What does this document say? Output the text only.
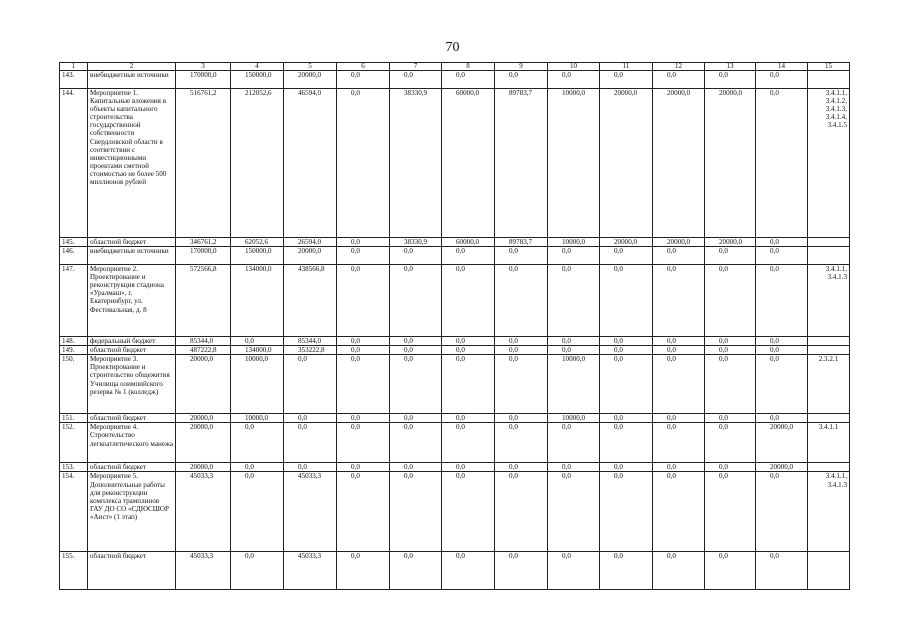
70
1	2	3	4	5	6	7	8	9	10	11	12	13	14	15
143.	внебюджетные источники	170000,0	150000,0	20000,0	0,0	0,0	0,0	0,0	0,0	0,0	0,0	0,0	0,0	
144.	Мероприятие 1. Капитальные вложения в объекты капитального строительства государственной собственности Свердловской области в соответствии с инвестиционными проектами сметной стоимостью не более 500 миллионов рублей	516761,2	212052,6	46594,0	0,0	38330,9	60000,0	89783,7	10000,0	20000,0	20000,0	20000,0	0,0	3.4.1.1, 3.4.1.2, 3.4.1.3, 3.4.1.4, 3.4.1.5
145.	областной бюджет	346761,2	62052,6	26594,0	0,0	38330,9	60000,0	89783,7	10000,0	20000,0	20000,0	20000,0	0,0	
146.	внебюджетные источники	170000,0	150000,0	20000,0	0,0	0,0	0,0	0,0	0,0	0,0	0,0	0,0	0,0	
147.	Мероприятие 2. Проектирование и реконструкция стадиона «Уралмаш», г. Екатеринбург, ул. Фестивальная, д. 8	572566,8	134000,0	438566,8	0,0	0,0	0,0	0,0	0,0	0,0	0,0	0,0	0,0	3.4.1.1, 3.4.1.3
148.	федеральный бюджет	85344,0	0,0	85344,0	0,0	0,0	0,0	0,0	0,0	0,0	0,0	0,0	0,0	
149.	областной бюджет	487222,8	134000,0	353222,8	0,0	0,0	0,0	0,0	0,0	0,0	0,0	0,0	0,0	
150.	Мероприятие 3. Проектирование и строительство общежития Училища олимпийского резерва № 1 (колледж)	20000,0	10000,0	0,0	0,0	0,0	0,0	0,0	10000,0	0,0	0,0	0,0	0,0	2.3.2.1
151.	областной бюджет	20000,0	10000,0	0,0	0,0	0,0	0,0	0,0	10000,0	0,0	0,0	0,0	0,0	
152.	Мероприятие 4. Строительство легкоатлетического манежа	20000,0	0,0	0,0	0,0	0,0	0,0	0,0	0,0	0,0	0,0	0,0	20000,0	3.4.1.1
153.	областной бюджет	20000,0	0,0	0,0	0,0	0,0	0,0	0,0	0,0	0,0	0,0	0,0	20000,0	
154.	Мероприятие 5. Дополнительные работы для реконструкции комплекса трамплинов ГАУ ДО СО «СДЮСШОР «Аист» (1 этап)	45033,3	0,0	45033,3	0,0	0,0	0,0	0,0	0,0	0,0	0,0	0,0	0,0	3.4.1.1, 3.4.1.3
155.	областной бюджет	45033,3	0,0	45033,3	0,0	0,0	0,0	0,0	0,0	0,0	0,0	0,0	0,0	
